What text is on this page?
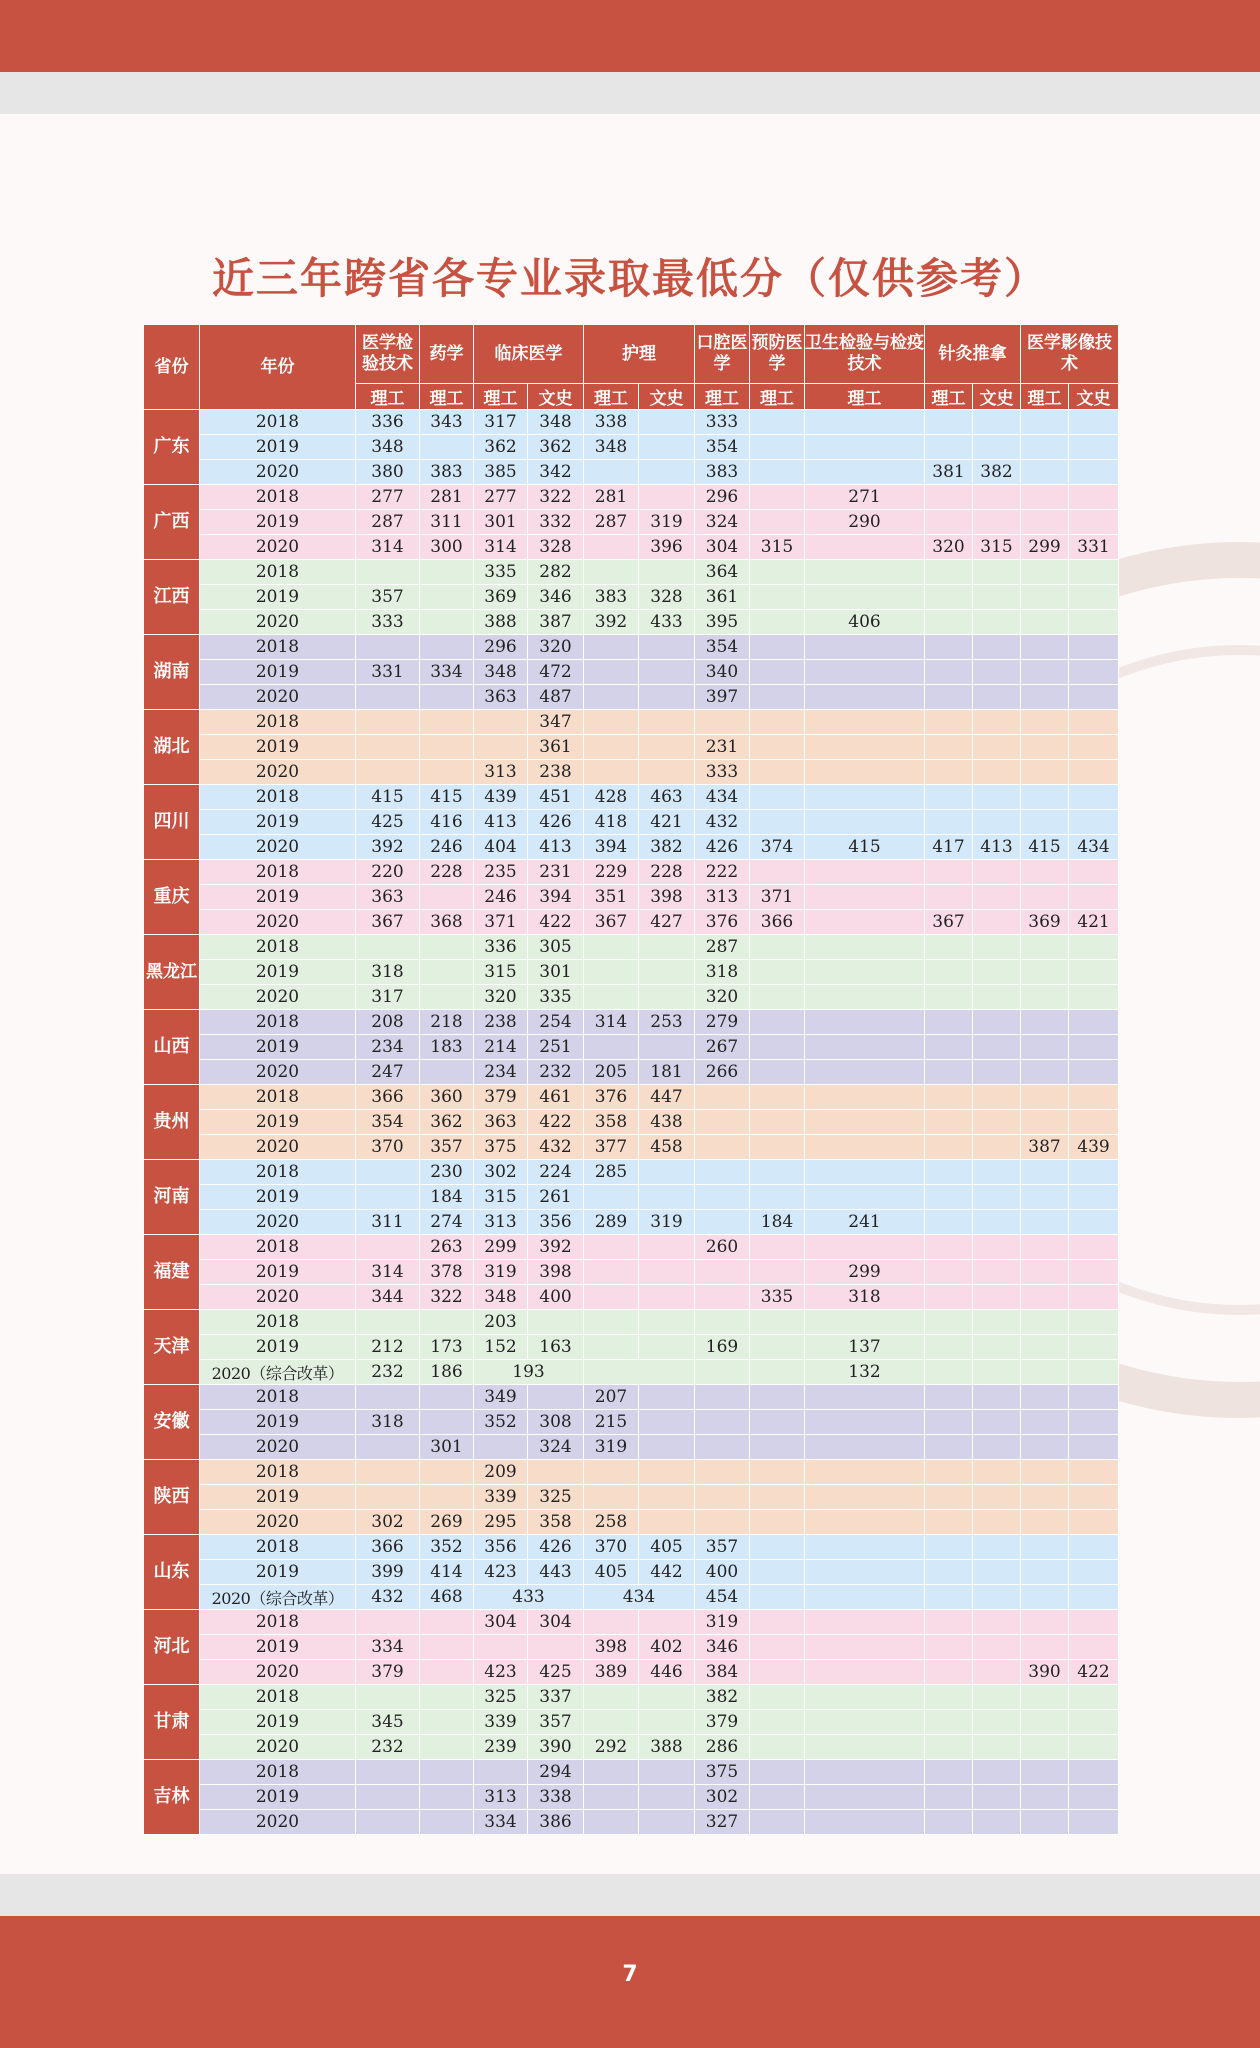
近三年跨省各专业录取最低分（仅供参考）
省份	年份	医学检验技术	药学	临床医学		护理		口腔医学	预防医学	卫生检验与检疫技术	针灸推拿		医学影像技术	
		理工	理工	理工	文史	理工	文史	理工	理工	理工	理工	文史	理工	文史
广东	2018	336	343	317	348	338		333						
	2019	348		362	362	348		354						
	2020	380	383	385	342			383			381	382		
广西	2018	277	281	277	322	281		296		271				
	2019	287	311	301	332	287	319	324		290				
	2020	314	300	314	328		396	304	315		320	315	299	331
江西	2018			335	282			364						
	2019	357		369	346	383	328	361						
	2020	333		388	387	392	433	395		406				
湖南	2018			296	320			354						
	2019	331	334	348	472			340						
	2020			363	487			397						
湖北	2018				347									
	2019				361			231						
	2020			313	238			333						
四川	2018	415	415	439	451	428	463	434						
	2019	425	416	413	426	418	421	432						
	2020	392	246	404	413	394	382	426	374	415	417	413	415	434
重庆	2018	220	228	235	231	229	228	222						
	2019	363		246	394	351	398	313	371					
	2020	367	368	371	422	367	427	376	366		367		369	421
黑龙江	2018			336	305			287						
	2019	318		315	301			318						
	2020	317		320	335			320						
山西	2018	208	218	238	254	314	253	279						
	2019	234	183	214	251			267						
	2020	247		234	232	205	181	266						
贵州	2018	366	360	379	461	376	447							
	2019	354	362	363	422	358	438							
	2020	370	357	375	432	377	458						387	439
河南	2018		230	302	224	285								
	2019		184	315	261									
	2020	311	274	313	356	289	319		184	241				
福建	2018		263	299	392			260						
	2019	314	378	319	398					299				
	2020	344	322	348	400				335	318				
天津	2018			203										
	2019	212	173	152	163			169		137				
	2020（综合改革）	232	186	193						132				
安徽	2018			349		207								
	2019	318		352	308	215								
	2020		301		324	319								
陕西	2018			209										
	2019			339	325									
	2020	302	269	295	358	258								
山东	2018	366	352	356	426	370	405	357						
	2019	399	414	423	443	405	442	400						
	2020（综合改革）	432	468	433		434		454						
河北	2018			304	304			319						
	2019	334				398	402	346						
	2020	379		423	425	389	446	384					390	422
甘肃	2018			325	337			382						
	2019	345		339	357			379						
	2020	232		239	390	292	388	286						
吉林	2018				294			375						
	2019			313	338			302						
	2020			334	386			327						
7
